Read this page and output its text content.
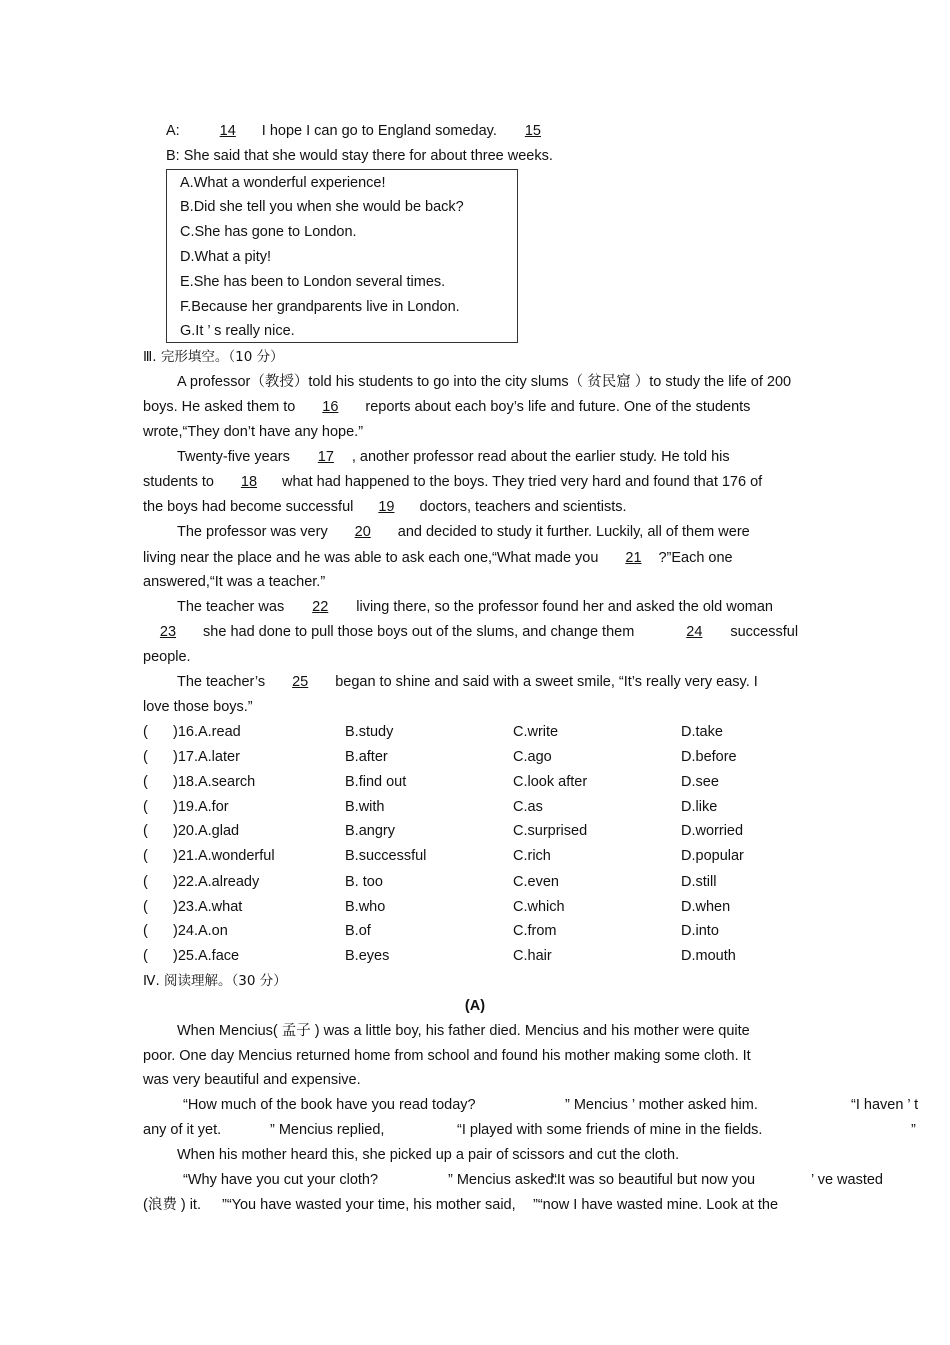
A:	14 I hope I can go to England someday. 15
B: She said that she would stay there for about three weeks.
A.What a wonderful experience!
B.Did she tell you when she would be back?
C.She has gone to London.
D.What a pity!
E.She has been to London several times.
F.Because her grandparents live in London.
G.It ’ s really nice.
Ⅲ. 完形填空。（10 分）
A professor（教授）told his students to go into the city slums（ 贫民窟 ）to study the life of 200
boys. He asked them to 16 reports about each boy’s life and future. One of the students
wrote,“They don’t have any hope.”
Twenty-five years 17 , another professor read about the earlier study. He told his
students to 18 what had happened to the boys. They tried very hard and found that 176 of
the boys had become successful 19 doctors, teachers and scientists.
The professor was very 20 and decided to study it further. Luckily, all of them were
living near the place and he was able to ask each one,“What made you 21 ?”Each one
answered,“It was a teacher.”
The teacher was 22 living there, so the professor found her and asked the old woman
23 she had done to pull those boys out of the slums, and change them	24 successful
people.
The teacher’s 25 began to shine and said with a sweet smile, “It’s really very easy. I
love those boys.”
( )16.A.read	B.study	C.write	D.take
( )17.A.later	B.after	C.ago	D.before
( )18.A.search	B.find out	C.look after	D.see
( )19.A.for	B.with	C.as	D.like
( )20.A.glad	B.angry	C.surprised	D.worried
( )21.A.wonderful	B.successful	C.rich	D.popular
( )22.A.already	B. too	C.even	D.still
( )23.A.what	B.who	C.which	D.when
( )24.A.on	B.of	C.from	D.into
( )25.A.face	B.eyes	C.hair	D.mouth
Ⅳ. 阅读理解。（30 分）
(A)
When Mencius( 孟子 ) was a little boy, his father died. Mencius and his mother were quite
poor. One day Mencius returned home from school and found his mother making some cloth. It
was very beautiful and expensive.
“How much of the book have you read today?	” Mencius ’ mother asked him.	“I haven ’ t
any of it yet.	” Mencius replied,	“I played with some friends of mine in the fields.	”
When his mother heard this, she picked up a pair of scissors and cut the cloth.
“Why have you cut your cloth?	” Mencius asked.
“It was so beautiful but now you	’ ve wasted
(浪费 ) it. ”“You have wasted your time, his mother said, ”“now I have wasted mine. Look at the
